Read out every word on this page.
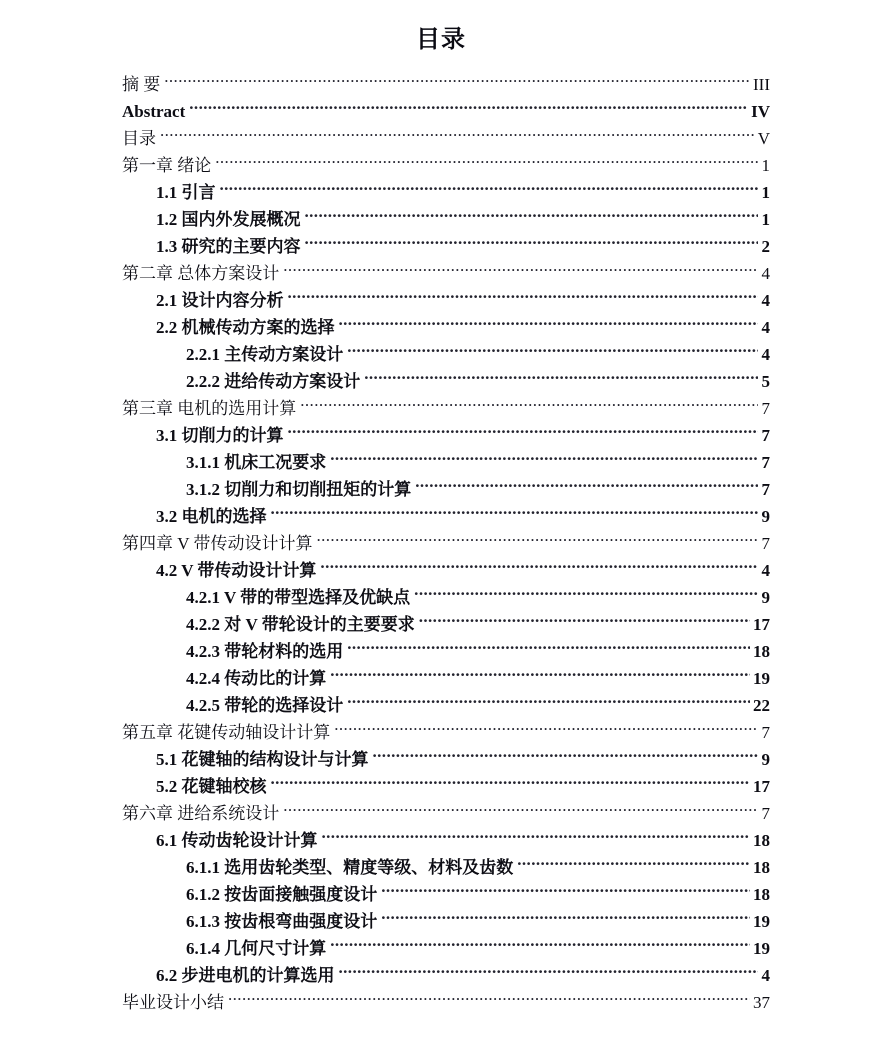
目录
摘 要 .....	III
Abstract .....	IV
目录 .....	V
第一章 绪论 .....	1
1.1 引言 .....	1
1.2 国内外发展概况 .....	1
1.3 研究的主要内容 .....	2
第二章 总体方案设计 .....	4
2.1 设计内容分析 .....	4
2.2 机械传动方案的选择 .....	4
2.2.1 主传动方案设计 .....	4
2.2.2 进给传动方案设计 .....	5
第三章 电机的选用计算 .....	7
3.1 切削力的计算 .....	7
3.1.1 机床工况要求 .....	7
3.1.2 切削力和切削扭矩的计算 .....	7
3.2 电机的选择 .....	9
第四章 V 带传动设计计算 .....	7
4.2 V 带传动设计计算 .....	4
4.2.1 V 带的带型选择及优缺点 .....	9
4.2.2 对 V 带轮设计的主要要求 .....	17
4.2.3 带轮材料的选用 .....	18
4.2.4 传动比的计算 .....	19
4.2.5 带轮的选择设计 .....	22
第五章 花键传动轴设计计算 .....	7
5.1 花键轴的结构设计与计算 .....	9
5.2 花键轴校核 .....	17
第六章 进给系统设计 .....	7
6.1 传动齿轮设计计算 .....	18
6.1.1 选用齿轮类型、精度等级、材料及齿数 .....	18
6.1.2 按齿面接触强度设计 .....	18
6.1.3 按齿根弯曲强度设计 .....	19
6.1.4 几何尺寸计算 .....	19
6.2 步进电机的计算选用 .....	4
毕业设计小结 .....	37
